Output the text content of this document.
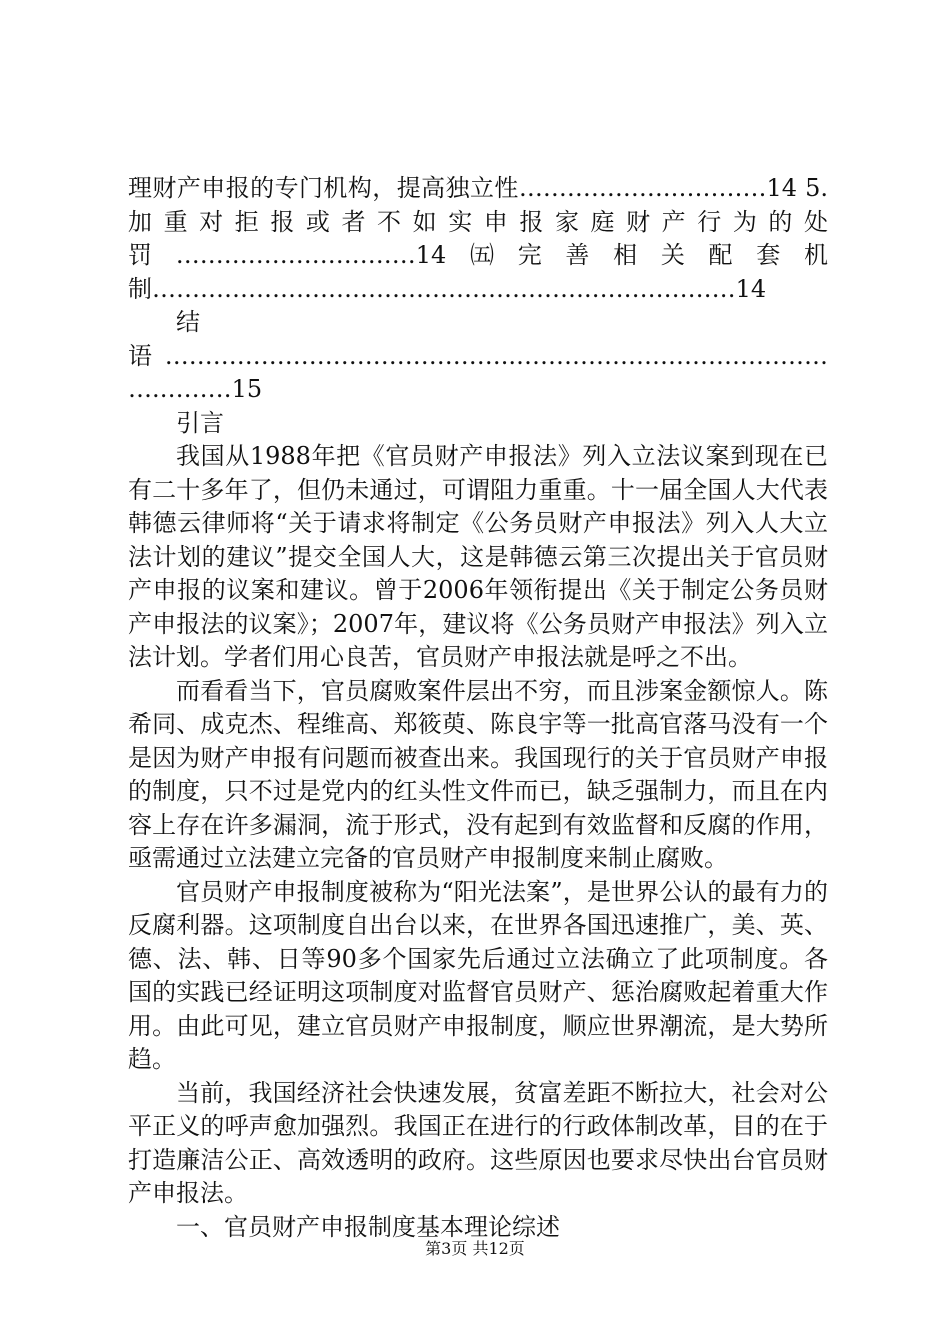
理财产申报的专门机构，提高独立性……………….…………14 5.加重对拒报或者不如实申报家庭财产行为的处罚…………………………14㈤完善相关配套机制……………………………………………….………………14

结语……………………………………..…………………………………….………15

引言

我国从1988年把《官员财产申报法》列入立法议案到现在已有二十多年了，但仍未通过，可谓阻力重重。十一届全国人大代表韩德云律师将“关于请求将制定《公务员财产申报法》列入人大立法计划的建议”提交全国人大，这是韩德云第三次提出关于官员财产申报的议案和建议。曾于2006年领衔提出《关于制定公务员财产申报法的议案》；2007年，建议将《公务员财产申报法》列入立法计划。学者们用心良苦，官员财产申报法就是呼之不出。

而看看当下，官员腐败案件层出不穷，而且涉案金额惊人。陈希同、成克杰、程维高、郑筱萸、陈良宇等一批高官落马没有一个是因为财产申报有问题而被查出来。我国现行的关于官员财产申报的制度，只不过是党内的红头性文件而已，缺乏强制力，而且在内容上存在许多漏洞，流于形式，没有起到有效监督和反腐的作用，亟需通过立法建立完备的官员财产申报制度来制止腐败。

官员财产申报制度被称为“阳光法案”，是世界公认的最有力的反腐利器。这项制度自出台以来，在世界各国迅速推广，美、英、德、法、韩、日等90多个国家先后通过立法确立了此项制度。各国的实践已经证明这项制度对监督官员财产、惩治腐败起着重大作用。由此可见，建立官员财产申报制度，顺应世界潮流，是大势所趋。

当前，我国经济社会快速发展，贫富差距不断拉大，社会对公平正义的呼声愈加强烈。我国正在进行的行政体制改革，目的在于打造廉洁公正、高效透明的政府。这些原因也要求尽快出台官员财产申报法。

一、官员财产申报制度基本理论综述

第3页 共12页
